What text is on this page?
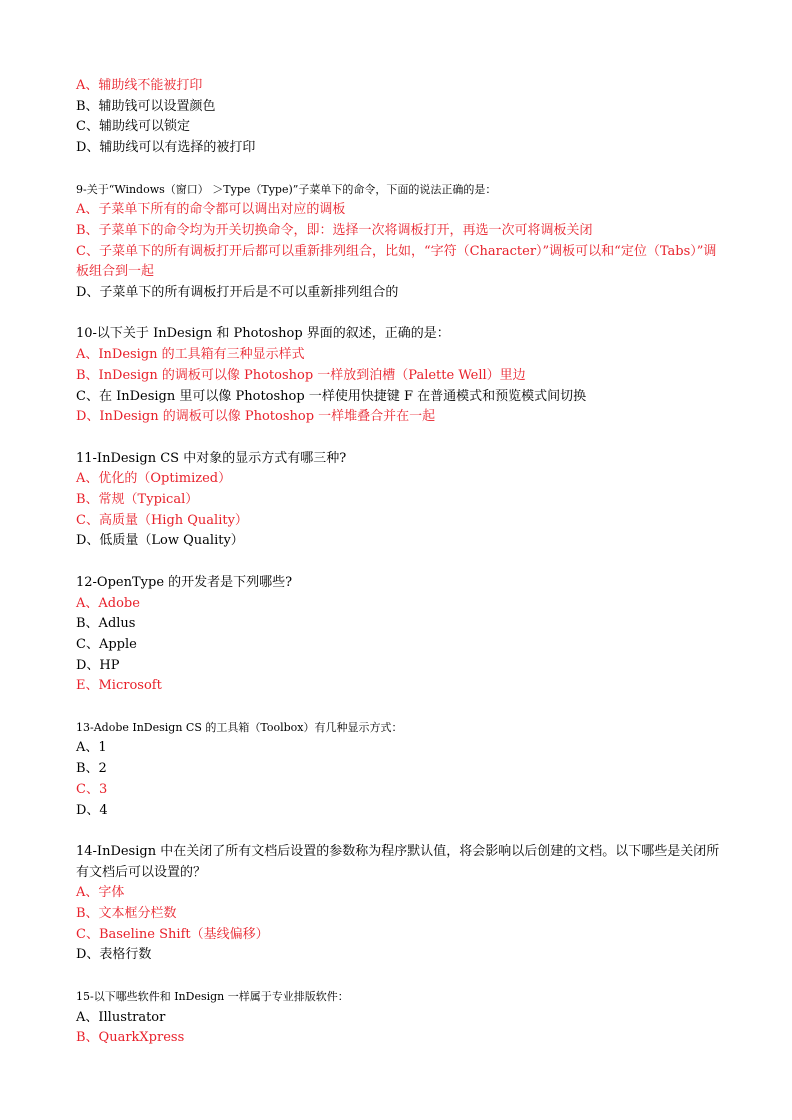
A、辅助线不能被打印

B、辅助钱可以设置颜色

C、辅助线可以锁定

D、辅助线可以有选择的被打印

9-关于“Windows（窗口） ＞Type（Type)”子菜单下的命令，下面的说法正确的是：

A、子菜单下所有的命令都可以调出对应的调板

B、子菜单下的命令均为开关切换命令，即：选择一次将调板打开，再选一次可将调板关闭

C、子菜单下的所有调板打开后都可以重新排列组合，比如，“字符（Character）”调板可以和“定位（Tabs）”调板组合到一起

D、子菜单下的所有调板打开后是不可以重新排列组合的

10-以下关于 InDesign 和 Photoshop 界面的叙述，正确的是：

A、InDesign 的工具箱有三种显示样式

B、InDesign 的调板可以像 Photoshop 一样放到泊槽（Palette Well）里边

C、在 InDesign 里可以像 Photoshop 一样使用快捷键 F 在普通模式和预览模式间切换

D、InDesign 的调板可以像 Photoshop 一样堆叠合并在一起

11-InDesign CS 中对象的显示方式有哪三种?

A、优化的（Optimized）

B、常规（Typical）

C、高质量（High Quality）

D、低质量（Low Quality）

12-OpenType 的开发者是下列哪些?

A、Adobe

B、Adlus

C、Apple

D、HP

E、Microsoft

13-Adobe InDesign CS 的工具箱（Toolbox）有几种显示方式：

A、1

B、2

C、3

D、4

14-InDesign 中在关闭了所有文档后设置的参数称为程序默认值，将会影响以后创建的文档。以下哪些是关闭所有文档后可以设置的？

A、字体

B、文本框分栏数

C、Baseline Shift（基线偏移）

D、表格行数

15-以下哪些软件和 InDesign 一样属于专业排版软件：

A、Illustrator

B、QuarkXpress
